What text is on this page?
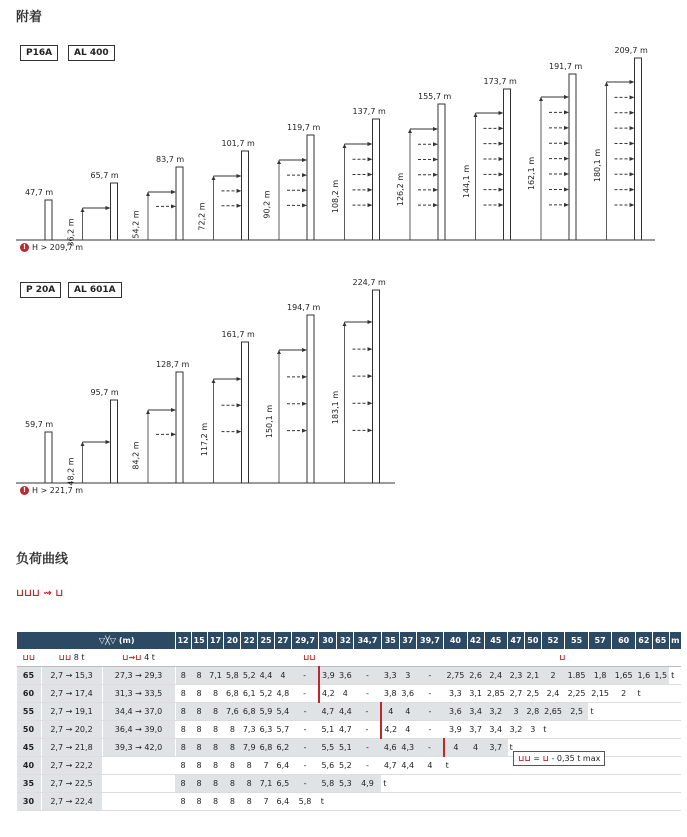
附着
P16A	AL 400
47,7 m
65,7 m
36,2 m
83,7 m
54,2 m
101,7 m
72,2 m
119,7 m
90,2 m
137,7 m
108,2 m
155,7 m
126,2 m
173,7 m
144,1 m
191,7 m
162,1 m
209,7 m
180,1 m
! H > 209,7 m
P 20A	AL 601A
59,7 m
95,7 m
48,2 m
128,7 m
84,2 m
161,7 m
117,2 m
194,7 m
150,1 m
224,7 m
183,1 m
! H > 221,7 m
负荷曲线
⊔⊔⊔ ⇝ ⊔
▽╳▽ (m)			12	15	17	20	22	25	27	29,7	30	32	34,7	35	37	39,7	40	42	45	47	50	52	55	57	60	62	65	m
⊔⊔	⊔⊔ 8 t	⊔⇝⊔ 4 t	⊔⊔														⊔											
65	2,7 → 15,3	27,3 → 29,3	8	8	7,1	5,8	5,2	4,4	4	-	3,9	3,6	-	3,3	3	-	2,75	2,6	2,4	2,3	2,1	2	1.85	1,8	1,65	1,6	1,5	t
60	2,7 → 17,4	31,3 → 33,5	8	8	8	6,8	6,1	5,2	4,8	-	4,2	4	-	3,8	3,6	-	3,3	3,1	2,85	2,7	2,5	2,4	2,25	2,15	2	t		
55	2,7 → 19,1	34,4 → 37,0	8	8	8	7,6	6,8	5,9	5,4	-	4,7	4,4	-	4	4	-	3,6	3,4	3,2	3	2,8	2,65	2,5	t				
50	2,7 → 20,2	36,4 → 39,0	8	8	8	8	7,3	6,3	5,7	-	5,1	4,7	-	4,2	4	-	3,9	3,7	3,4	3,2	3	t						
45	2,7 → 21,8	39,3 → 42,0	8	8	8	8	7,9	6,8	6,2	-	5,5	5,1	-	4,6	4,3	-	4	4	3,7	t								
40	2,7 → 22,2		8	8	8	8	8	7	6,4	-	5,6	5,2	-	4,7	4,4	4	t											
35	2,7 → 22,5		8	8	8	8	8	7,1	6,5	-	5,8	5,3	4,9	t														
30	2,7 → 22,4		8	8	8	8	8	7	6,4	5,8	t																	
⊔⊔ = ⊔ - 0,35 t max
